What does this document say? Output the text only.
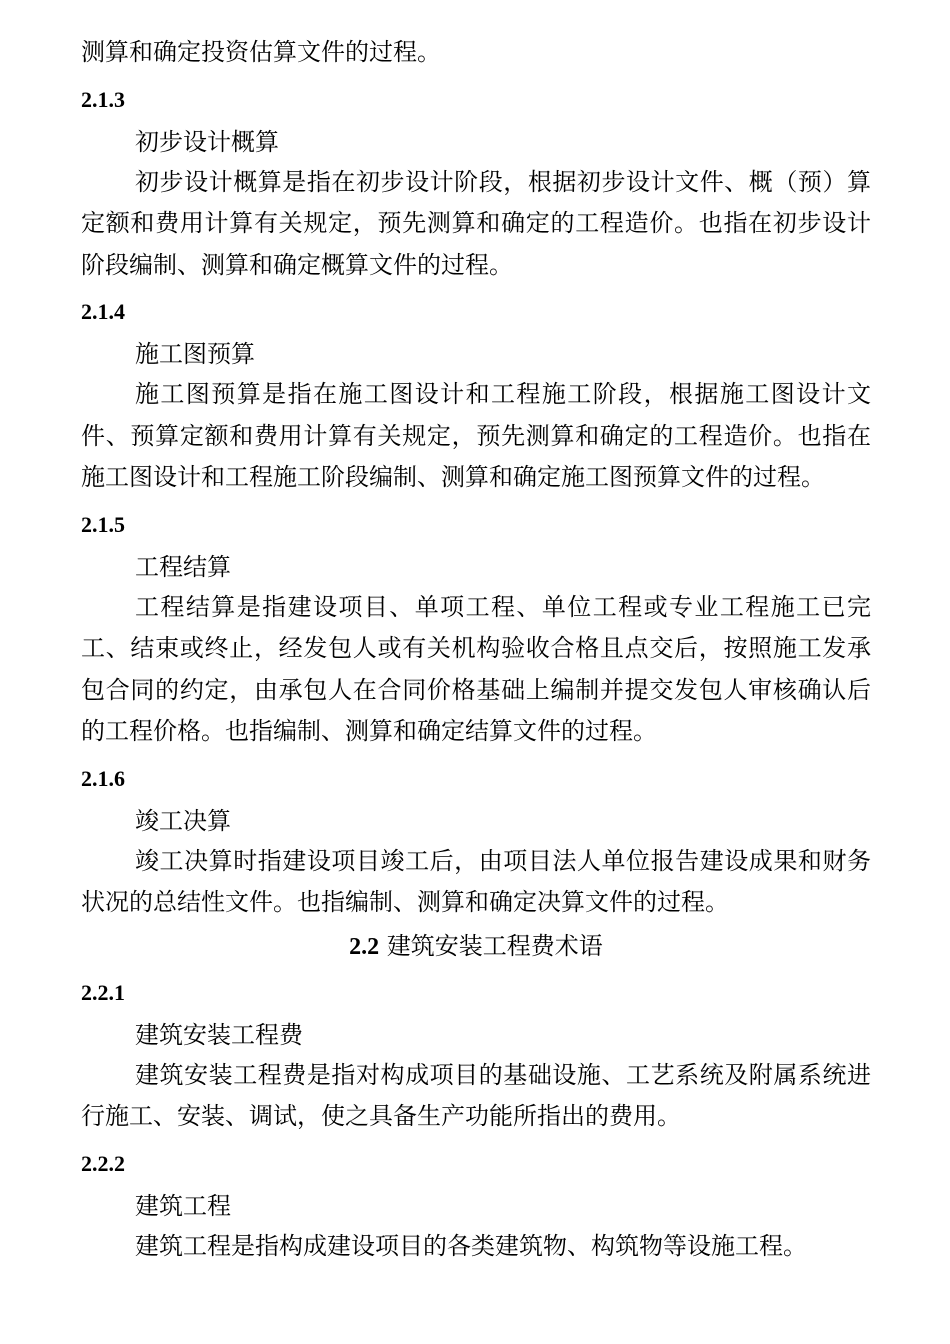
测算和确定投资估算文件的过程。

2.1.3

初步设计概算

初步设计概算是指在初步设计阶段，根据初步设计文件、概（预）算定额和费用计算有关规定，预先测算和确定的工程造价。也指在初步设计阶段编制、测算和确定概算文件的过程。

2.1.4

施工图预算

施工图预算是指在施工图设计和工程施工阶段，根据施工图设计文件、预算定额和费用计算有关规定，预先测算和确定的工程造价。也指在施工图设计和工程施工阶段编制、测算和确定施工图预算文件的过程。

2.1.5

工程结算

工程结算是指建设项目、单项工程、单位工程或专业工程施工已完工、结束或终止，经发包人或有关机构验收合格且点交后，按照施工发承包合同的约定，由承包人在合同价格基础上编制并提交发包人审核确认后的工程价格。也指编制、测算和确定结算文件的过程。

2.1.6

竣工决算

竣工决算时指建设项目竣工后，由项目法人单位报告建设成果和财务状况的总结性文件。也指编制、测算和确定决算文件的过程。

2.2 建筑安装工程费术语

2.2.1

建筑安装工程费

建筑安装工程费是指对构成项目的基础设施、工艺系统及附属系统进行施工、安装、调试，使之具备生产功能所指出的费用。

2.2.2

建筑工程

建筑工程是指构成建设项目的各类建筑物、构筑物等设施工程。
